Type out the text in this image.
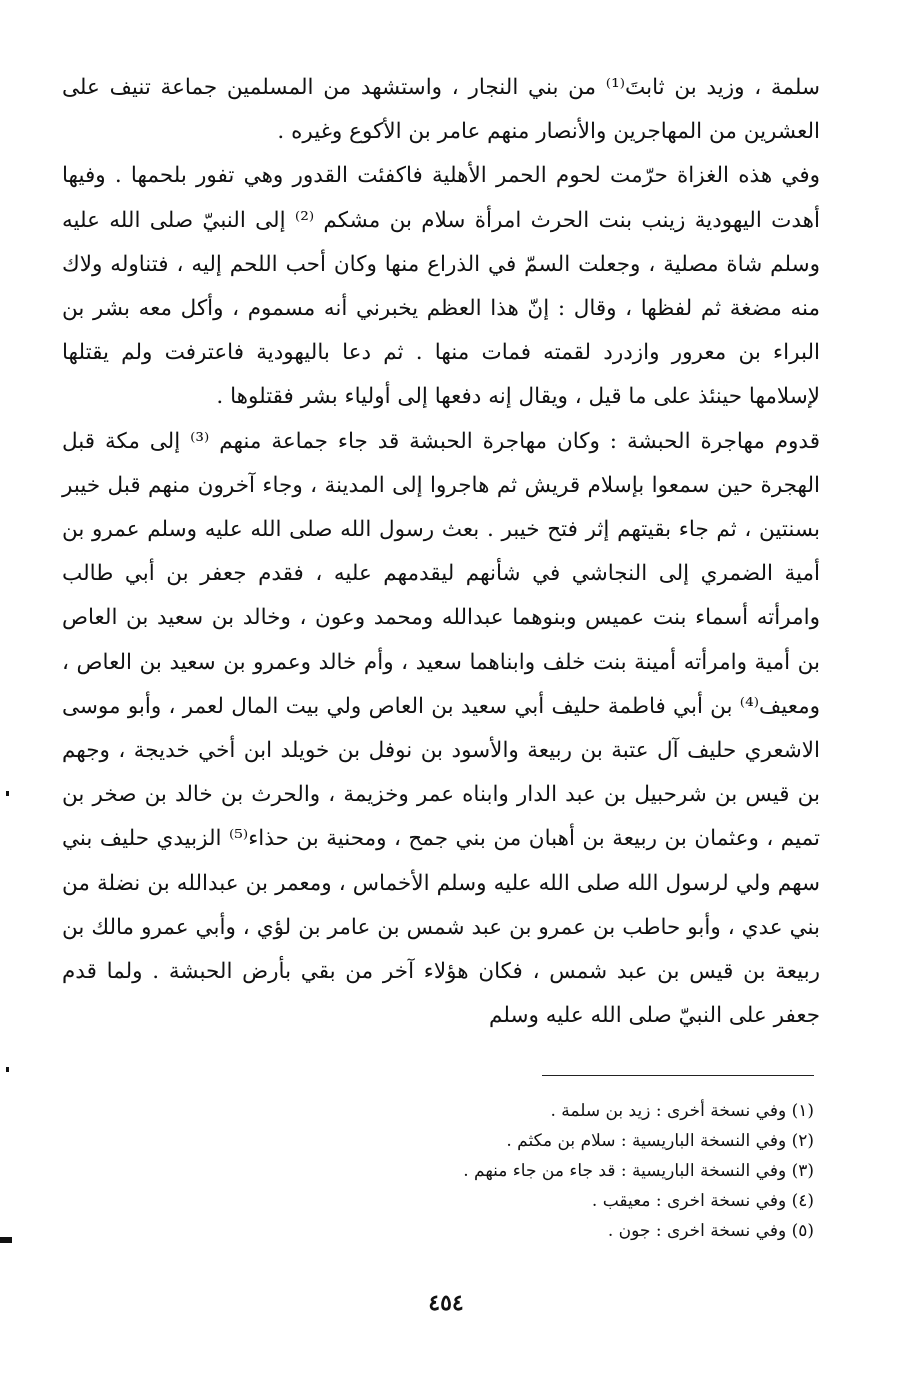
سلمة ، وزيد بن ثابتَ⁽¹⁾ من بني النجار ، واستشهد من المسلمين جماعة تنيف على العشرين من المهاجرين والأنصار منهم عامر بن الأكوع وغيره .

وفي هذه الغزاة حرّمت لحوم الحمر الأهلية فاكفئت القدور وهي تفور بلحمها . وفيها أهدت اليهودية زينب بنت الحرث امرأة سلام بن مشكم ⁽²⁾ إلى النبيّ صلى الله عليه وسلم شاة مصلية ، وجعلت السمّ في الذراع منها وكان أحب اللحم إليه ، فتناوله ولاك منه مضغة ثم لفظها ، وقال : إنّ هذا العظم يخبرني أنه مسموم ، وأكل معه بشر بن البراء بن معرور وازدرد لقمته فمات منها . ثم دعا باليهودية فاعترفت ولم يقتلها لإسلامها حينئذ على ما قيل ، ويقال إنه دفعها إلى أولياء بشر فقتلوها .

قدوم مهاجرة الحبشة : وكان مهاجرة الحبشة قد جاء جماعة منهم ⁽³⁾ إلى مكة قبل الهجرة حين سمعوا بإسلام قريش ثم هاجروا إلى المدينة ، وجاء آخرون منهم قبل خيبر بسنتين ، ثم جاء بقيتهم إثر فتح خيبر . بعث رسول الله صلى الله عليه وسلم عمرو بن أمية الضمري إلى النجاشي في شأنهم ليقدمهم عليه ، فقدم جعفر بن أبي طالب وامرأته أسماء بنت عميس وبنوهما عبدالله ومحمد وعون ، وخالد بن سعيد بن العاص بن أمية وامرأته أمينة بنت خلف وابناهما سعيد ، وأم خالد وعمرو بن سعيد بن العاص ، ومعيف⁽⁴⁾ بن أبي فاطمة حليف أبي سعيد بن العاص ولي بيت المال لعمر ، وأبو موسى الاشعري حليف آل عتبة بن ربيعة والأسود بن نوفل بن خويلد ابن أخي خديجة ، وجهم بن قيس بن شرحبيل بن عبد الدار وابناه عمر وخزيمة ، والحرث بن خالد بن صخر بن تميم ، وعثمان بن ربيعة بن أهبان من بني جمح ، ومحنية بن حذاء⁽⁵⁾ الزبيدي حليف بني سهم ولي لرسول الله صلى الله عليه وسلم الأخماس ، ومعمر بن عبدالله بن نضلة من بني عدي ، وأبو حاطب بن عمرو بن عبد شمس بن عامر بن لؤي ، وأبي عمرو مالك بن ربيعة بن قيس بن عبد شمس ، فكان هؤلاء آخر من بقي بأرض الحبشة . ولما قدم جعفر على النبيّ صلى الله عليه وسلم

(١) وفي نسخة أخرى : زيد بن سلمة .

(٢) وفي النسخة الباريسية : سلام بن مكثم .

(٣) وفي النسخة الباريسية : قد جاء من جاء منهم .

(٤) وفي نسخة اخرى : معيقب .

(٥) وفي نسخة اخرى : جون .

٤٥٤
